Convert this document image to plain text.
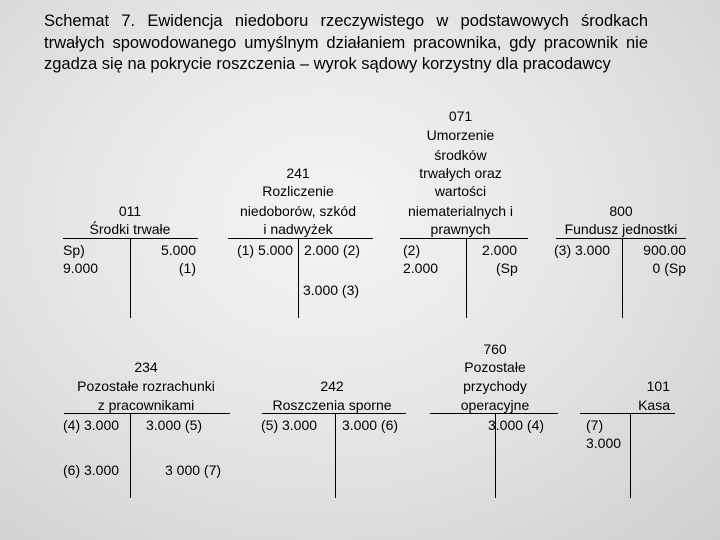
Schemat 7. Ewidencja niedoboru rzeczywistego w podstawowych środkach trwałych spowodowanego umyślnym działaniem pracownika, gdy pracownik nie zgadza się na pokrycie roszczenia – wyrok sądowy korzystny dla pracodawcy

011
Środki trwałe
Sp)
9.000
5.000
(1)
241
Rozliczenie
niedoborów, szkód
i nadwyżek
(1) 5.000 2.000 (2)
3.000 (3)
071
Umorzenie
środków
trwałych oraz
wartości
niematerialnych i
prawnych
(2)
2.000
2.000
(Sp
800
Fundusz jednostki
(3) 3.000	900.00
0 (Sp
234
Pozostałe rozrachunki
z pracownikami
(4) 3.000
(6) 3.000
3.000 (5)
3 000 (7)
242
Roszczenia sporne
(5) 3.000 3.000 (6)
760
Pozostałe
przychody
operacyjne
3.000 (4)
101
Kasa
(7)
3.000
